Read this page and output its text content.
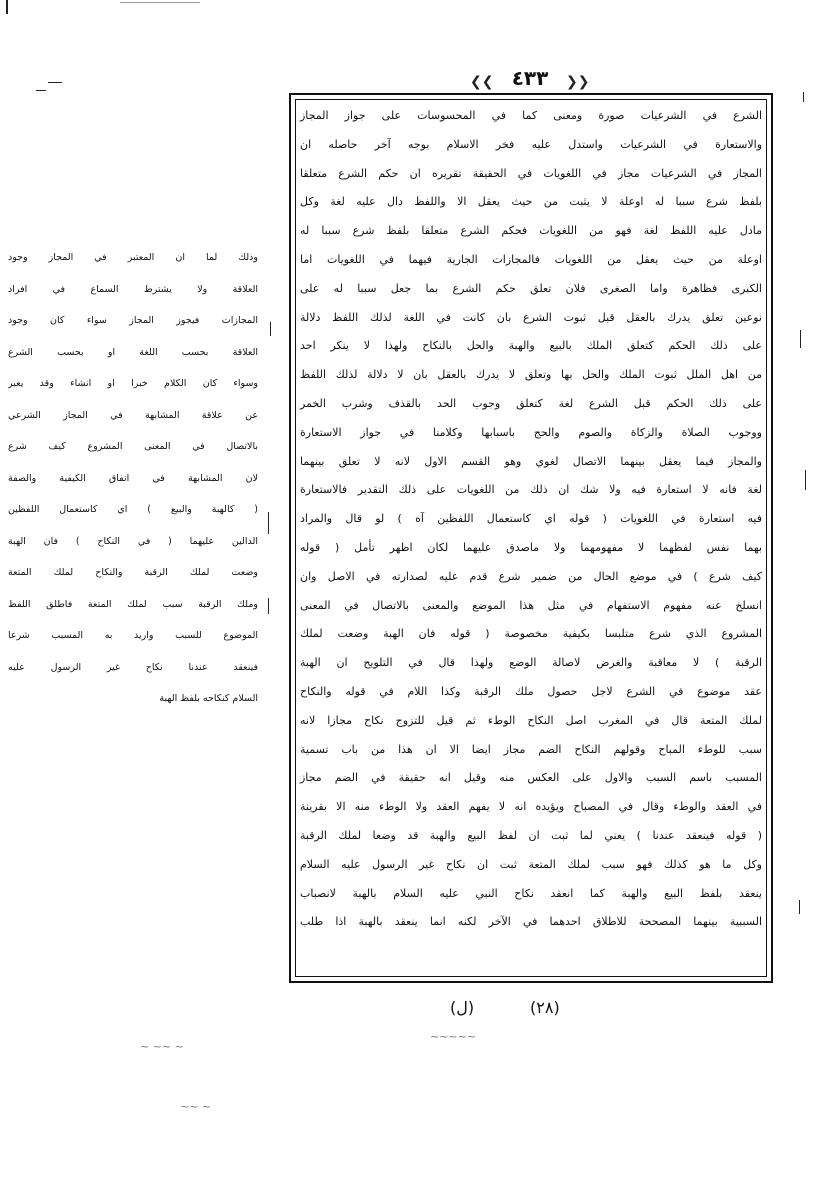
❮❮ ٤٣٣	❯❯
الشرع في الشرعيات صورة ومعنى كما في المحسوسات على جواز المجاز
والاستعارة في الشرعيات واستدل عليه فخر الاسلام بوجه آخر حاصله ان
المجاز في الشرعيات مجاز في اللغويات في الحقيقة تقريره ان حكم الشرع متعلقا
بلفظ شرع سببا له اوعلة لا يثبت من حيث يعقل الا واللفظ دال عليه لغة وكل
مادل عليه اللفظ لغة فهو من اللغويات فحكم الشرع متعلقا بلفظ شرع سببا له
اوعلة من حيث يعقل من اللغويات فالمجازات الجارية فيهما في اللغويات اما
الكبرى فظاهرة واما الصغرى فلان تعلق حكم الشرع بما جعل سببا له على
نوعين تعلق يدرك بالعقل قبل ثبوت الشرع بان كانت في اللغة لذلك اللفظ دلالة
على ذلك الحكم كتعلق الملك بالبيع والهبة والحل بالنكاح ولهذا لا ينكر احد
من اهل الملل ثبوت الملك والحل بها وتعلق لا يدرك بالعقل بان لا دلالة لذلك اللفظ
على ذلك الحكم قبل الشرع لغة كتعلق وجوب الحد بالقذف وشرب الخمر
ووجوب الصلاة والزكاة والصوم والحج باسبابها وكلامنا في جواز الاستعارة
والمجاز فيما يعقل بينهما الاتصال لغوي وهو القسم الاول لانه لا تعلق بينهما
لغة فانه لا استعارة فيه ولا شك ان ذلك من اللغويات على ذلك التقدير فالاستعارة
فيه استعارة في اللغويات ( قوله اي كاستعمال اللفظين آه ) لو قال والمراد
بهما نفس لفظهما لا مفهومهما ولا ماصدق عليهما لكان اظهر تأمل ( قوله
كيف شرع ) في موضع الحال من ضمير شرع قدم عليه لصدارته في الاصل وان
انسلخ عنه مفهوم الاستفهام في مثل هذا الموضع والمعنى بالاتصال في المعنى
المشروع الذي شرع متلبسا بكيفية مخصوصة ( قوله فان الهبة وضعت لملك
الرقبة ) لا معاقبة والغرض لاصالة الوضع ولهذا قال في التلويح ان الهبة
عقد موضوع في الشرع لاجل حصول ملك الرقبة وكذا اللام في قوله والنكاح
لملك المتعة قال في المغرب اصل النكاح الوطء ثم قيل للتزوج نكاح مجازا لانه
سبب للوطء المباح وقولهم النكاح الضم مجاز ايضا الا ان هذا من باب تسمية
المسبب باسم السبب والاول على العكس منه وقيل انه حقيقة في الضم مجاز
في العقد والوطء وقال في المصباح ويؤيده انه لا يفهم العقد ولا الوطء منه الا بقرينة
( قوله فينعقد عندنا ) يعني لما ثبت ان لفظ البيع والهبة قد وضعا لملك الرقبة
وكل ما هو كذلك فهو سبب لملك المتعة ثبت ان نكاح غير الرسول عليه السلام
ينعقد بلفظ البيع والهبة كما انعقد نكاح النبي عليه السلام بالهبة لانصباب
السببية بينهما المصححة للاطلاق احدهما في الآخر لكنه انما ينعقد بالهبة اذا طلب
وذلك لما ان المعتبر في المجاز وجود
العلاقة ولا يشترط السماع في افراد
المجازات فيجوز المجاز سواء كان وجود
العلاقة بحسب اللغة او بحسب الشرع
وسواء كان الكلام خبرا او انشاء وقد يعبر
عن علاقة المشابهة في المجاز الشرعي
بالاتصال في المعنى المشروع كيف شرع
لان المشابهة في اتفاق الكيفية والصفة
( كالهبة والبيع ) اي كاستعمال اللفظين
الدالين عليهما ( في النكاح ) فان الهبة
وضعت لملك الرقبة والنكاح لملك المتعة
وملك الرقبة سبب لملك المتعة فاطلق اللفظ
الموضوع للسبب واريد به المسبب شرعا
فينعقد عندنا نكاح غير الرسول عليه
السلام كنكاحه بلفظ الهبة
(ل)	(٢٨)
~ ~~ ~
~~~~~
~~ ~
